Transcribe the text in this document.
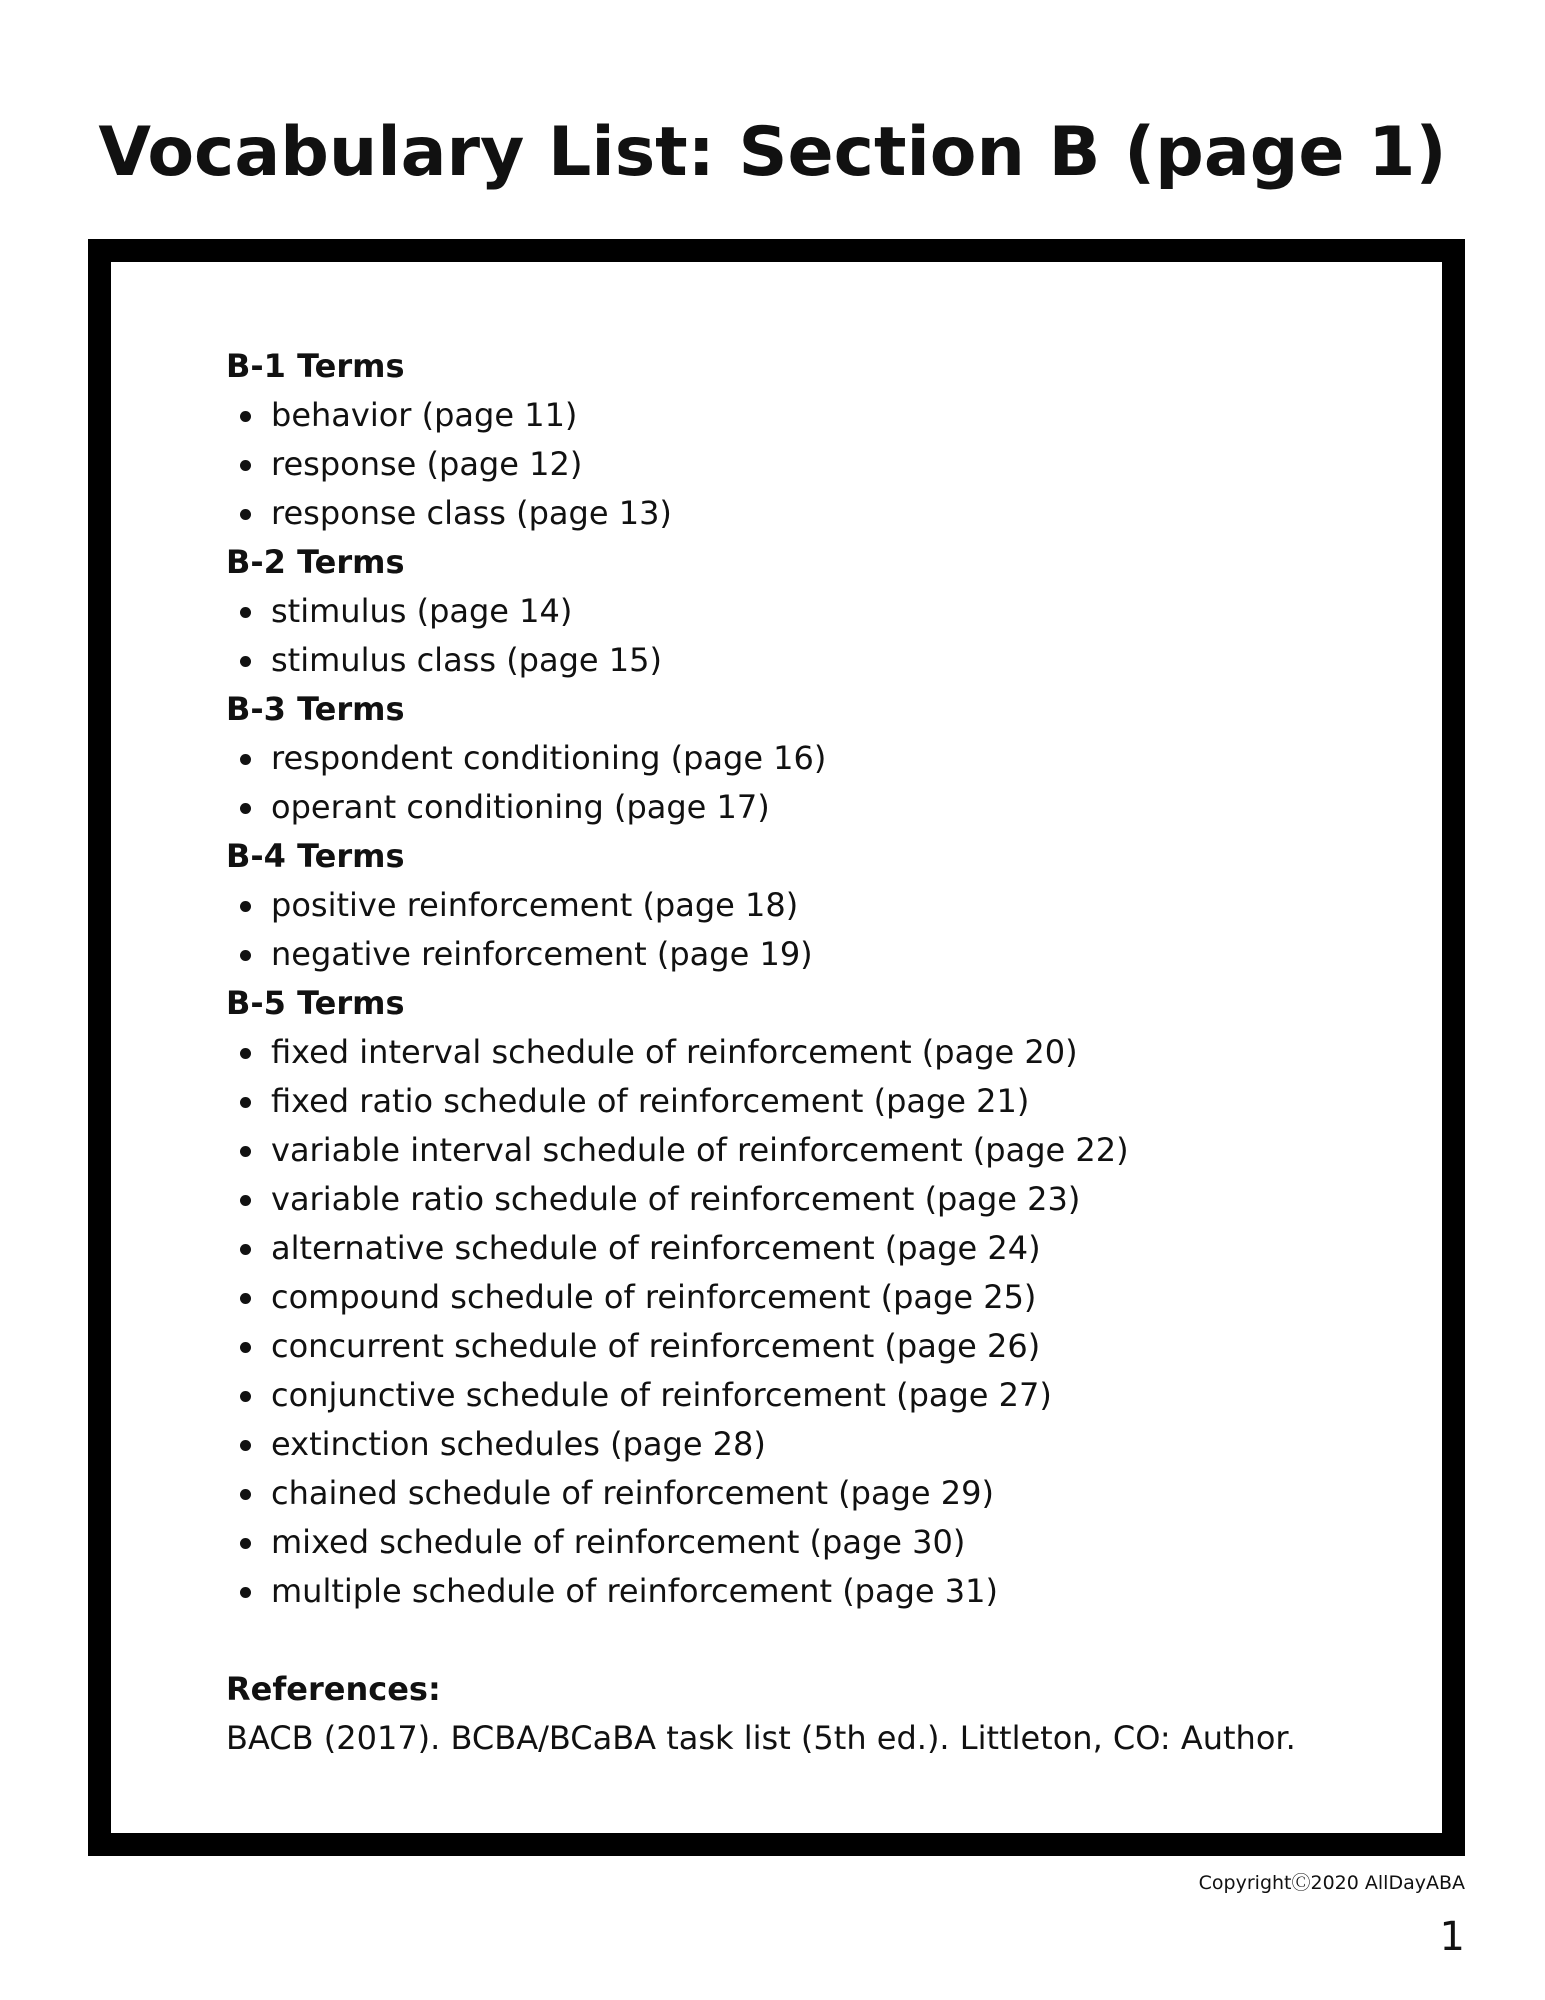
Vocabulary List: Section B (page 1)
B-1 Terms
behavior (page 11)
response (page 12)
response class (page 13)
B-2 Terms
stimulus (page 14)
stimulus class (page 15)
B-3 Terms
respondent conditioning (page 16)
operant conditioning (page 17)
B-4 Terms
positive reinforcement (page 18)
negative reinforcement (page 19)
B-5 Terms
fixed interval schedule of reinforcement (page 20)
fixed ratio schedule of reinforcement (page 21)
variable interval schedule of reinforcement (page 22)
variable ratio schedule of reinforcement (page 23)
alternative schedule of reinforcement (page 24)
compound schedule of reinforcement (page 25)
concurrent schedule of reinforcement (page 26)
conjunctive schedule of reinforcement (page 27)
extinction schedules (page 28)
chained schedule of reinforcement (page 29)
mixed schedule of reinforcement (page 30)
multiple schedule of reinforcement (page 31)
References:
BACB (2017). BCBA/BCaBA task list (5th ed.). Littleton, CO: Author.
CopyrightⒸ2020 AllDayABA
1
